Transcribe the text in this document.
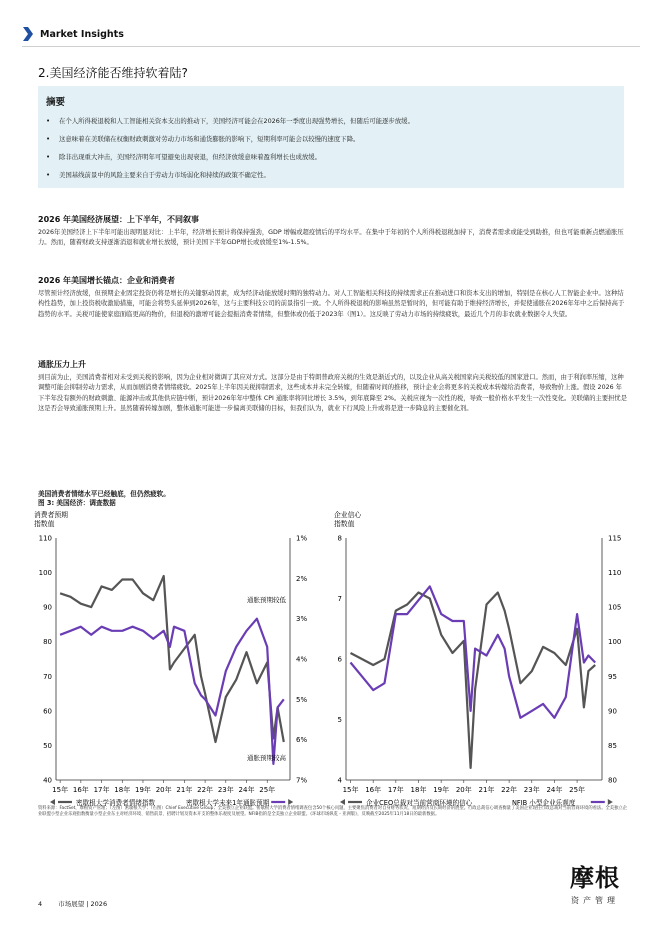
Market Insights
2.美国经济能否维持软着陆?
摘要
• 在个人所得税退税和人工智能相关资本支出的推动下，美国经济可能会在2026年一季度出现强势增长，但随后可能逐步放缓。
• 这意味着在美联储在权衡财政刺激对劳动力市场和通货膨胀的影响下，短期利率可能会以较慢的速度下降。
• 除非出现重大冲击，美国经济明年可望避免出现衰退，但经济放缓意味着盈利增长也成放缓。
• 美国基线前景中的风险主要来自于劳动力市场弱化和持续的政策不确定性。
2026 年美国经济展望：上下半年，不同叙事
2026年美国经济上下半年可能出现明显对比：上半年，经济增长预计将保持强劲，GDP 增幅或超疫情后的平均水平。在集中于年初的个人所得税退税加持下，消费者需求或能受到助推，但也可能重新点燃通胀压力。然而，随着财政支持逐渐消退和就业增长放缓，预计美国下半年GDP增长或放缓至1%-1.5%。
2026 年美国增长锚点：企业和消费者
尽管预计经济放缓，但预期企业固定投资仍将是增长的关键驱动因素，成为经济动能放缓时期的独特动力。对人工智能相关科技的持续需求正在推动进口和资本支出的增加，特别是在核心人工智能企业中。这种结构性趋势，加上投资税收激励措施，可能会将势头延伸到2026年，这与主要科技公司的前景指引一致。个人所得税退税的影响虽然是暂时的，但可能有助于维持经济增长，并促使通胀在2026年年中之后保持高于趋势的水平。关税可能使家庭面临更高的物价，但退税的激增可能会提振消费者情绪，但整体或仍低于2023年（图1）。这反映了劳动力市场的持续疲软，最近几个月的非农就业数据令人失望。
通胀压力上升
到目前为止，美国消费者相对未受到关税的影响，因为企业相对微调了其应对方式。这部分是由于特朗普政府关税的生效是渐近式的，以及企业从高关税国家向关税较低的国家进口。然而，由于利润率压缩，这种调整可能会抑制劳动力需求，从而加剧消费者情绪疲软。2025年上半年因关税抑制需求，这些成本并未完全转嫁，但随着时间的推移，预计企业会将更多的关税成本转嫁给消费者，导致物价上涨。假设 2026 年下半年没有额外的财政刺激、能源冲击或其他供应链中断，预计2026年年中整体 CPI 通胀率将同比增长 3.5%，到年底降至 2%。关税应视为一次性的税，导致一般价格水平发生一次性变化。美联储的主要担忧是这是否会导致通胀预期上升。虽然随着转嫁加剧，整体通胀可能进一步偏离美联储的目标，但我们认为，就业下行风险上升或将是进一步降息的主要催化剂。
美国消费者情绪水平已经触底，但仍然疲软。
图 3: 美国经济：调查数据
消费者预期
指数值
110
100
90
80
70
60
50
40
1%
2%
3%
4%
5%
6%
7%
15年 16年 17年 18年 19年 20年 21年 22年 23年 24年 25年
通胀预期较低
通胀预期较高
密歇根大学消费者情绪指数	密歇根大学未来1年通胀预期
企业信心
指数值
8
7
6
5
4
115
110
105
100
95
90
85
80
15年 16年 17年 18年 19年 20年 21年 22年 23年 24年 25年
企业CEO总裁对当前营商环境的信心	NFIB 小型企业乐观度
资料来源：FactSet，摩根资产管理；（左图）密歇根大学；（右图）Chief Executive Group；全美独立企业联盟。密歇根大学消费者情绪调查包含50个核心问题，主要聚焦消费者对自身财务状况、短期经济及长期经济的展望。行政总裁信心调查衡量了美国企业现任行政总裁对当前营商环境的看法。全美独立企业联盟小型企业乐观指数衡量小型企业东主对经济环境、销售前景、招聘计划及资本开支的整体乐观度及展望。NFIB指的是全美独立企业联盟。《环球市场纵览 - 亚洲版》，反映截至2025年11月18日的最新数据。
4 市场展望 | 2026
摩根
资产管理
